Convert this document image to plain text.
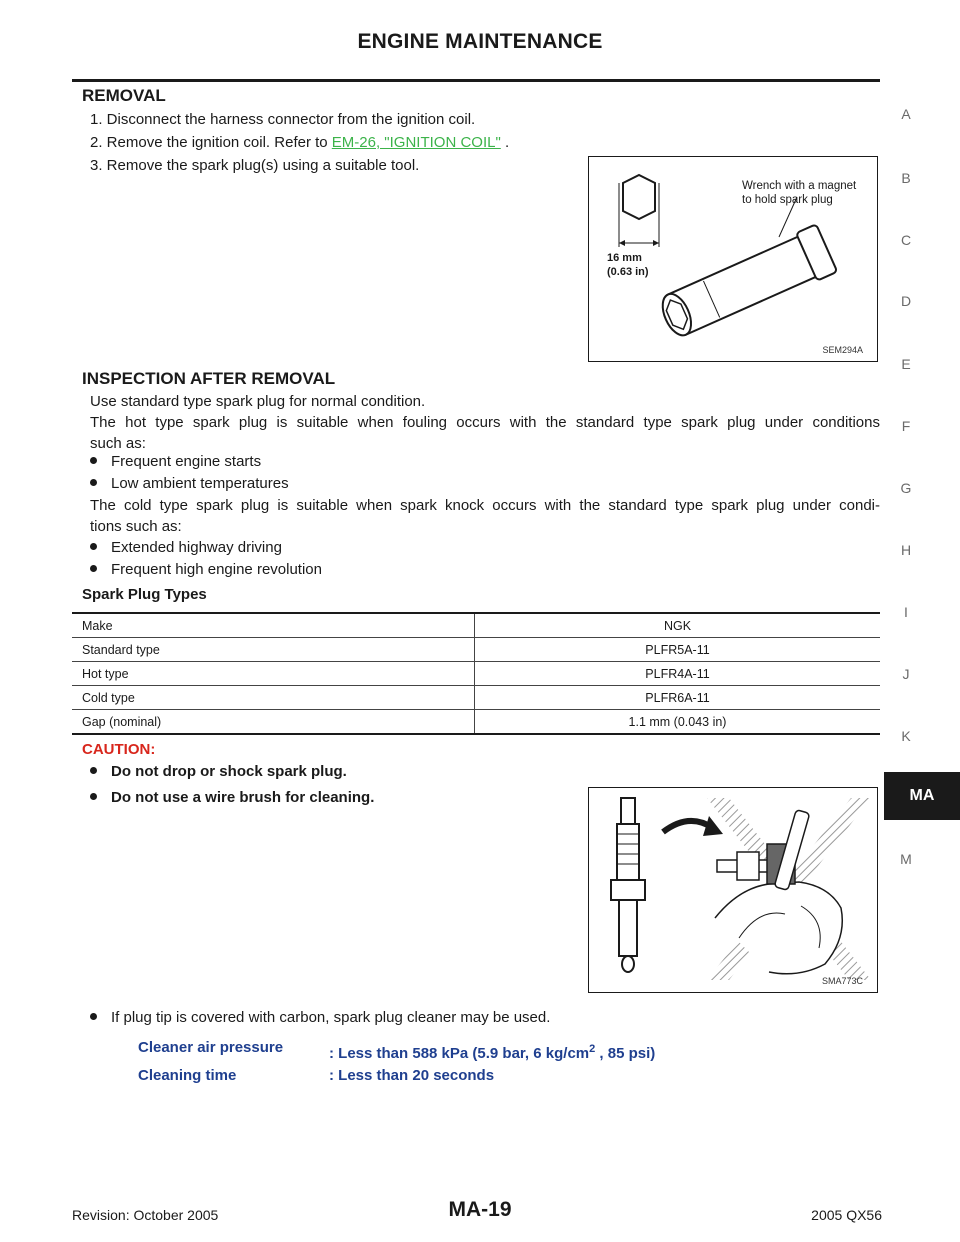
ENGINE MAINTENANCE
A
B
C
D
E
F
G
H
I
J
K
MA
M
REMOVAL
1. Disconnect the harness connector from the ignition coil.
2. Remove the ignition coil. Refer to EM-26, "IGNITION COIL" .
3. Remove the spark plug(s) using a suitable tool.
Wrench with a magnet
to hold spark plug
16 mm
(0.63 in)
SEM294A
INSPECTION AFTER REMOVAL
Use standard type spark plug for normal condition.
The hot type spark plug is suitable when fouling occurs with the standard type spark plug under conditions
such as:
Frequent engine starts
Low ambient temperatures
The cold type spark plug is suitable when spark knock occurs with the standard type spark plug under condi-
tions such as:
Extended highway driving
Frequent high engine revolution
Spark Plug Types
Make	NGK
Standard type	PLFR5A-11
Hot type	PLFR4A-11
Cold type	PLFR6A-11
Gap (nominal)	1.1 mm (0.043 in)
CAUTION:
Do not drop or shock spark plug.
Do not use a wire brush for cleaning.
SMA773C
If plug tip is covered with carbon, spark plug cleaner may be used.
Cleaner air pressure	: Less than 588 kPa (5.9 bar, 6 $kg/cm^2$ , 85 psi)
Cleaning time	: Less than 20 seconds
Revision: October 2005	MA-19	2005 QX56
